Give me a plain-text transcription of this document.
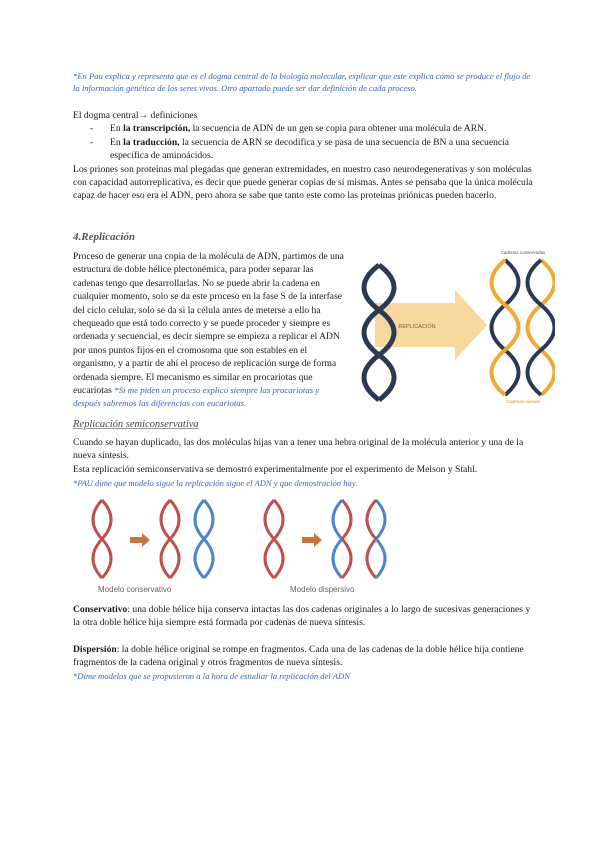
*En Pau explica y representa que es el dogma central de la biología molecular, explicar que este explica cómo se produce el flujo de la información genética de los seres vivos. Otro apartado puede ser dar definición de cada proceso.
El dogma central→ definiciones
- En la transcripción, la secuencia de ADN de un gen se copia para obtener una molécula de ARN.
- En la traducción, la secuencia de ARN se decodifica y se pasa de una secuencia de BN a una secuencia específica de aminoácidos.
Los priones son proteínas mal plegadas que generan extremidades, en nuestro caso neurodegenerativas y son moléculas con capacidad autorreplicativa, es decir que puede generar copias de sí mismas. Antes se pensaba que la única molécula capaz de hacer eso era el ADN, pero ahora se sabe que tanto este como las proteínas priónicas pueden hacerlo.
4.Replicación
Proceso de generar una copia de la molécula de ADN, partimos de una estructura de doble hélice plectonémica, para poder separar las cadenas tengo que desarrollarlas. No se puede abrir la cadena en cualquier momento, solo se da este proceso en la fase S de la interfase del ciclo celular, solo se da si la célula antes de meterse a ello ha chequeado que está todo correcto y se puede proceder y siempre es ordenada y secuencial, es decir siempre se empieza a replicar el ADN por unos puntos fijos en el cromosoma que son estables en el organismo, y a partir de ahí el proceso de replicación surge de forma ordenada siempre. El mecanismo es similar en procariotas que eucariotas *Si me piden un proceso explico siempre las procariotas y después sabremos las diferencias con eucariotas.
REPLICACIÓN
Cadenas conservadas
Cadenas nuevas
Replicación semiconservativa
Cuando se hayan duplicado, las dos moléculas hijas van a tener una hebra original de la molécula anterior y una de la nueva síntesis.
Esta replicación semiconservativa se demostró experimentalmente por el experimento de Melson y Stahl.
*PAU dime que modelo sigue la replicación sigue el ADN y que demostración hay.
Modelo conservativo	Modelo dispersivo
Conservativo: una doble hélice hija conserva intactas las dos cadenas originales a lo largo de sucesivas generaciones y la otra doble hélice hija siempre está formada por cadenas de nueva síntesis.
Dispersión: la doble hélice original se rompe en fragmentos. Cada una de las cadenas de la doble hélice hija contiene fragmentos de la cadena original y otros fragmentos de nueva síntesis.
*Dime modelos que se propusieron a la hora de estudiar la replicación del ADN
